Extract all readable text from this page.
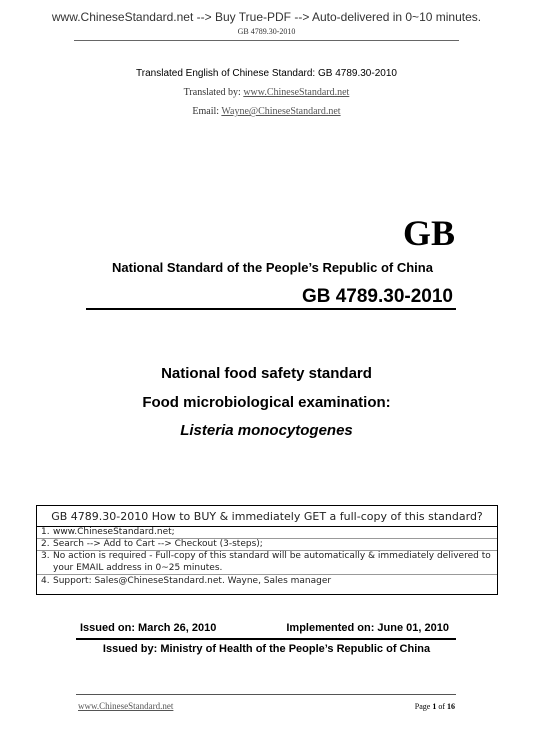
www.ChineseStandard.net --> Buy True-PDF --> Auto-delivered in 0~10 minutes.
GB 4789.30-2010
Translated English of Chinese Standard: GB 4789.30-2010
Translated by: www.ChineseStandard.net
Email: Wayne@ChineseStandard.net
GB
National Standard of the People’s Republic of China
GB 4789.30-2010
National food safety standard
Food microbiological examination:
Listeria monocytogenes
GB 4789.30-2010 How to BUY & immediately GET a full-copy of this standard?
1. www.ChineseStandard.net;
2. Search --> Add to Cart --> Checkout (3-steps);
3. No action is required - Full-copy of this standard will be automatically & immediately delivered to
your EMAIL address in 0~25 minutes.
4. Support: Sales@ChineseStandard.net. Wayne, Sales manager
Issued on: March 26, 2010	Implemented on: June 01, 2010
Issued by: Ministry of Health of the People’s Republic of China
www.ChineseStandard.net	Page 1 of 16
